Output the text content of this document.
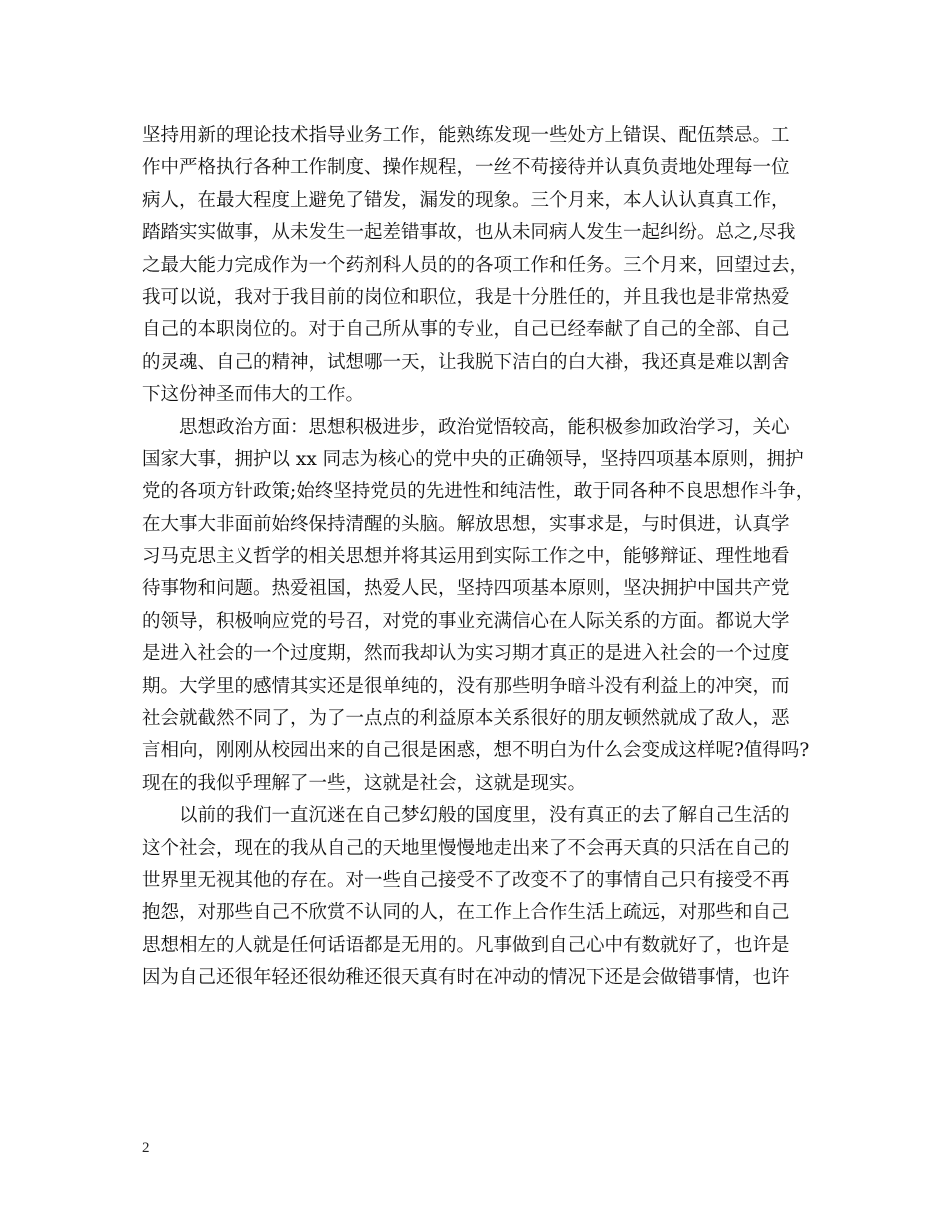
坚持用新的理论技术指导业务工作，能熟练发现一些处方上错误、配伍禁忌。工
作中严格执行各种工作制度、操作规程，一丝不苟接待并认真负责地处理每一位
病人，在最大程度上避免了错发，漏发的现象。三个月来，本人认认真真工作，
踏踏实实做事，从未发生一起差错事故，也从未同病人发生一起纠纷。总之,尽我
之最大能力完成作为一个药剂科人员的的各项工作和任务。三个月来，回望过去，
我可以说，我对于我目前的岗位和职位，我是十分胜任的，并且我也是非常热爱
自己的本职岗位的。对于自己所从事的专业，自己已经奉献了自己的全部、自己
的灵魂、自己的精神，试想哪一天，让我脱下洁白的白大褂，我还真是难以割舍
下这份神圣而伟大的工作。
思想政治方面：思想积极进步，政治觉悟较高，能积极参加政治学习，关心
国家大事，拥护以 xx 同志为核心的党中央的正确领导，坚持四项基本原则，拥护
党的各项方针政策;始终坚持党员的先进性和纯洁性，敢于同各种不良思想作斗争，
在大事大非面前始终保持清醒的头脑。解放思想，实事求是，与时俱进，认真学
习马克思主义哲学的相关思想并将其运用到实际工作之中，能够辩证、理性地看
待事物和问题。热爱祖国，热爱人民，坚持四项基本原则，坚决拥护中国共产党
的领导，积极响应党的号召，对党的事业充满信心在人际关系的方面。都说大学
是进入社会的一个过度期，然而我却认为实习期才真正的是进入社会的一个过度
期。大学里的感情其实还是很单纯的，没有那些明争暗斗没有利益上的冲突，而
社会就截然不同了，为了一点点的利益原本关系很好的朋友顿然就成了敌人，恶
言相向，刚刚从校园出来的自己很是困惑，想不明白为什么会变成这样呢?值得吗?
现在的我似乎理解了一些，这就是社会，这就是现实。
以前的我们一直沉迷在自己梦幻般的国度里，没有真正的去了解自己生活的
这个社会，现在的我从自己的天地里慢慢地走出来了不会再天真的只活在自己的
世界里无视其他的存在。对一些自己接受不了改变不了的事情自己只有接受不再
抱怨，对那些自己不欣赏不认同的人，在工作上合作生活上疏远，对那些和自己
思想相左的人就是任何话语都是无用的。凡事做到自己心中有数就好了，也许是
因为自己还很年轻还很幼稚还很天真有时在冲动的情况下还是会做错事情，也许
2
